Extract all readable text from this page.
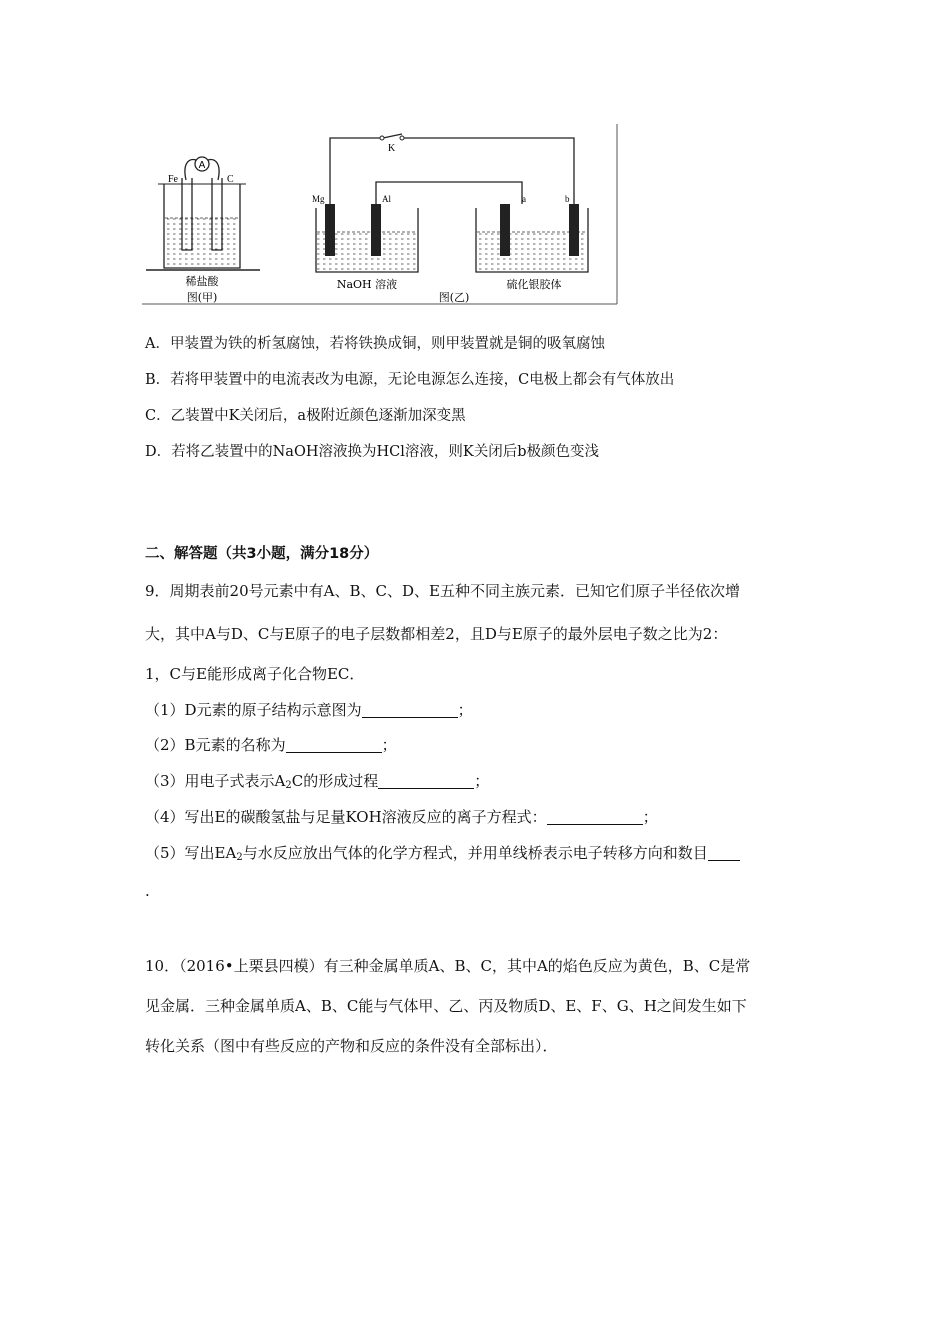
A
Fe	C
稀盐酸
图(甲)
K
Mg	Al
NaOH 溶液
a	b
硫化银胶体
图(乙)
A．甲装置为铁的析氢腐蚀，若将铁换成铜，则甲装置就是铜的吸氧腐蚀
B．若将甲装置中的电流表改为电源，无论电源怎么连接，C电极上都会有气体放出
C．乙装置中K关闭后，a极附近颜色逐渐加深变黑
D．若将乙装置中的NaOH溶液换为HCl溶液，则K关闭后b极颜色变浅
二、解答题（共3小题，满分18分）
9．周期表前20号元素中有A、B、C、D、E五种不同主族元素．已知它们原子半径依次增
大，其中A与D、C与E原子的电子层数都相差2，且D与E原子的最外层电子数之比为2：
1，C与E能形成离子化合物EC．
（1）D元素的原子结构示意图为	；
（2）B元素的名称为	；
（3）用电子式表示$A_2C$的形成过程	；
（4）写出E的碳酸氢盐与足量KOH溶液反应的离子方程式：	；
（5）写出$EA_2$与水反应放出气体的化学方程式，并用单线桥表示电子转移方向和数目
.
10．（2016•上栗县四模）有三种金属单质A、B、C，其中A的焰色反应为黄色，B、C是常
见金属．三种金属单质A、B、C能与气体甲、乙、丙及物质D、E、F、G、H之间发生如下
转化关系（图中有些反应的产物和反应的条件没有全部标出）．
